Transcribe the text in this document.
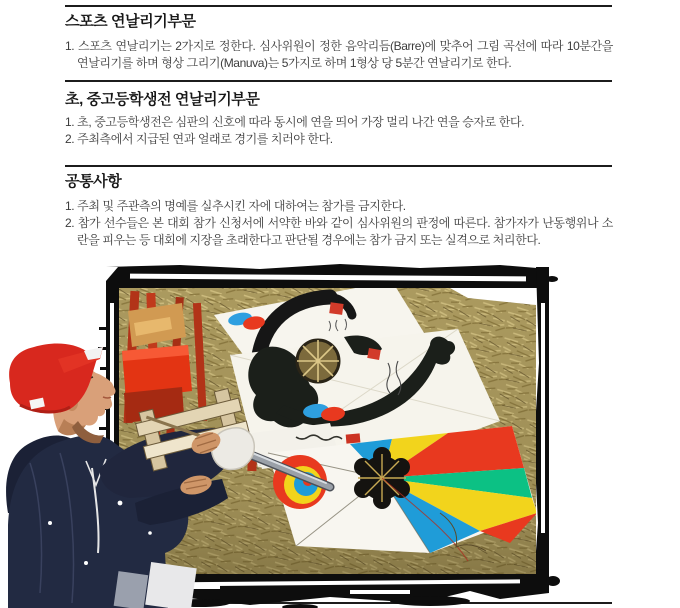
스포츠 연날리기부문

1. 스포츠 연날리기는 2가지로 정한다. 심사위원이 정한 음악리듬(Barre)에 맞추어 그림 곡선에 따라 10분간을 연날리기를 하며 형상 그리기(Manuva)는 5가지로 하며 1형상 당 5분간 연날리기로 한다.

초, 중고등학생전 연날리기부문

1. 초, 중고등학생전은 심판의 신호에 따라 동시에 연을 띄어 가장 멀리 나간 연을 승자로 한다.

2. 주최측에서 지급된 연과 얼래로 경기를 치러야 한다.

공통사항

1. 주최 및 주관측의 명예를 실추시킨 자에 대하여는 참가를 금지한다.

2. 참가 선수들은 본 대회 참가 신청서에 서약한 바와 같이 심사위원의 판정에 따른다. 참가자가 난동행위나 소란을 피우는 등 대회에 지장을 초래한다고 판단될 경우에는 참가 금지 또는 실격으로 처리한다.
